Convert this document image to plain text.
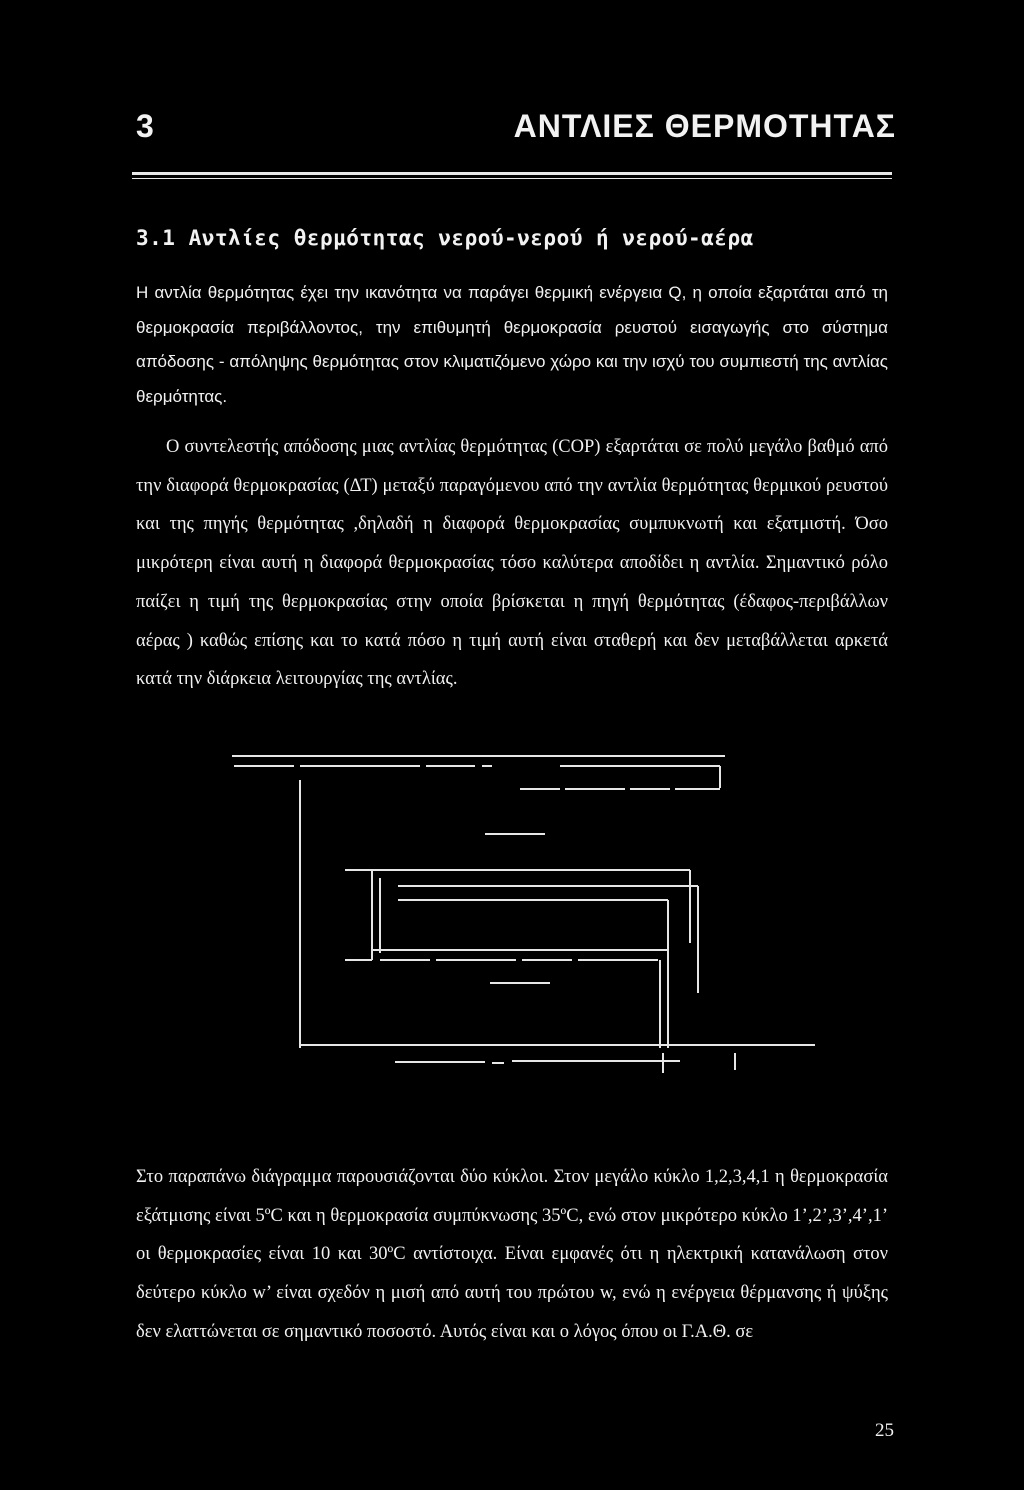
3	ΑΝΤΛΙΕΣ ΘΕΡΜΟΤΗΤΑΣ
3.1 Αντλίες θερμότητας νερού-νερού ή νερού-αέρα
Η αντλία θερμότητας έχει την ικανότητα να παράγει θερμική ενέργεια Q, η οποία εξαρτάται από τη θερμοκρασία περιβάλλοντος, την επιθυμητή θερμοκρασία ρευστού εισαγωγής στο σύστημα απόδοσης - απόληψης θερμότητας στον κλιματιζόμενο χώρο και την ισχύ του συμπιεστή της αντλίας θερμότητας.
Ο συντελεστής απόδοσης μιας αντλίας θερμότητας (COP) εξαρτάται σε πολύ μεγάλο βαθμό από την διαφορά θερμοκρασίας (ΔΤ) μεταξύ παραγόμενου από την αντλία θερμότητας θερμικού ρευστού και της πηγής θερμότητας ,δηλαδή η διαφορά θερμοκρασίας συμπυκνωτή και εξατμιστή. Όσο μικρότερη είναι αυτή η διαφορά θερμοκρασίας τόσο καλύτερα αποδίδει η αντλία. Σημαντικό ρόλο παίζει η τιμή της θερμοκρασίας στην οποία βρίσκεται η πηγή θερμότητας (έδαφος-περιβάλλων αέρας ) καθώς επίσης και το κατά πόσο η τιμή αυτή είναι σταθερή και δεν μεταβάλλεται αρκετά κατά την διάρκεια λειτουργίας της αντλίας.
Στο παραπάνω διάγραμμα παρουσιάζονται δύο κύκλοι. Στον μεγάλο κύκλο 1,2,3,4,1 η θερμοκρασία εξάτμισης είναι 5ºC και η θερμοκρασία συμπύκνωσης 35ºC, ενώ στον μικρότερο κύκλο 1’,2’,3’,4’,1’ οι θερμοκρασίες είναι 10 και 30ºC αντίστοιχα. Είναι εμφανές ότι η ηλεκτρική κατανάλωση στον δεύτερο κύκλο w’ είναι σχεδόν η μισή από αυτή του πρώτου w, ενώ η ενέργεια θέρμανσης ή ψύξης δεν ελαττώνεται σε σημαντικό ποσοστό. Αυτός είναι και ο λόγος όπου οι Γ.Α.Θ. σε
25
